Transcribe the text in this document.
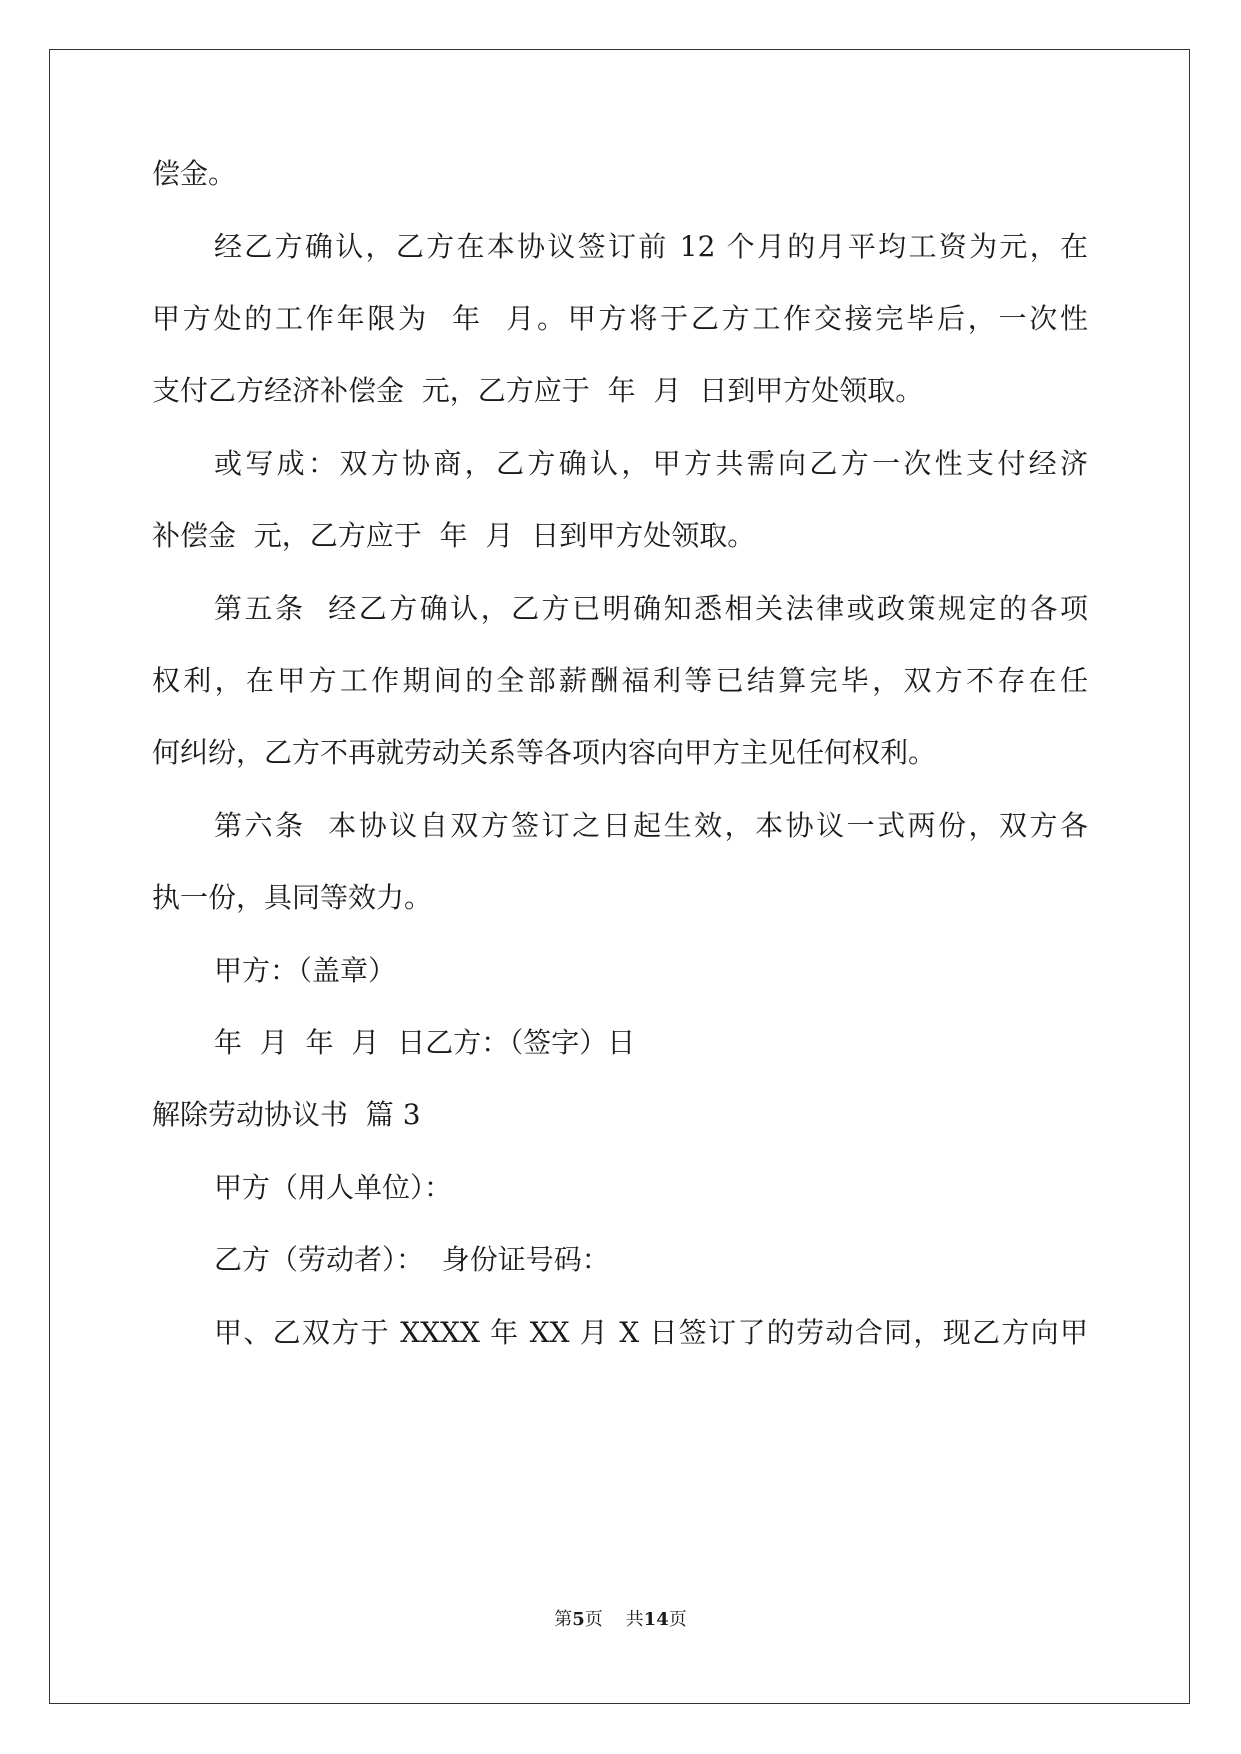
偿金。
经乙方确认，乙方在本协议签订前 12 个月的月平均工资为元，在
甲方处的工作年限为  年  月。甲方将于乙方工作交接完毕后，一次性
支付乙方经济补偿金  元，乙方应于  年  月  日到甲方处领取。
或写成：双方协商，乙方确认，甲方共需向乙方一次性支付经济
补偿金  元，乙方应于  年  月  日到甲方处领取。
第五条  经乙方确认，乙方已明确知悉相关法律或政策规定的各项
权利，在甲方工作期间的全部薪酬福利等已结算完毕，双方不存在任
何纠纷，乙方不再就劳动关系等各项内容向甲方主见任何权利。
第六条  本协议自双方签订之日起生效，本协议一式两份，双方各
执一份，具同等效力。
甲方：（盖章）
年  月  年  月  日乙方：（签字）日
解除劳动协议书  篇 3
甲方（用人单位）：
乙方（劳动者）：  身份证号码：
甲、乙双方于 XXXX 年 XX 月 X 日签订了的劳动合同，现乙方向甲
第5页    共14页
